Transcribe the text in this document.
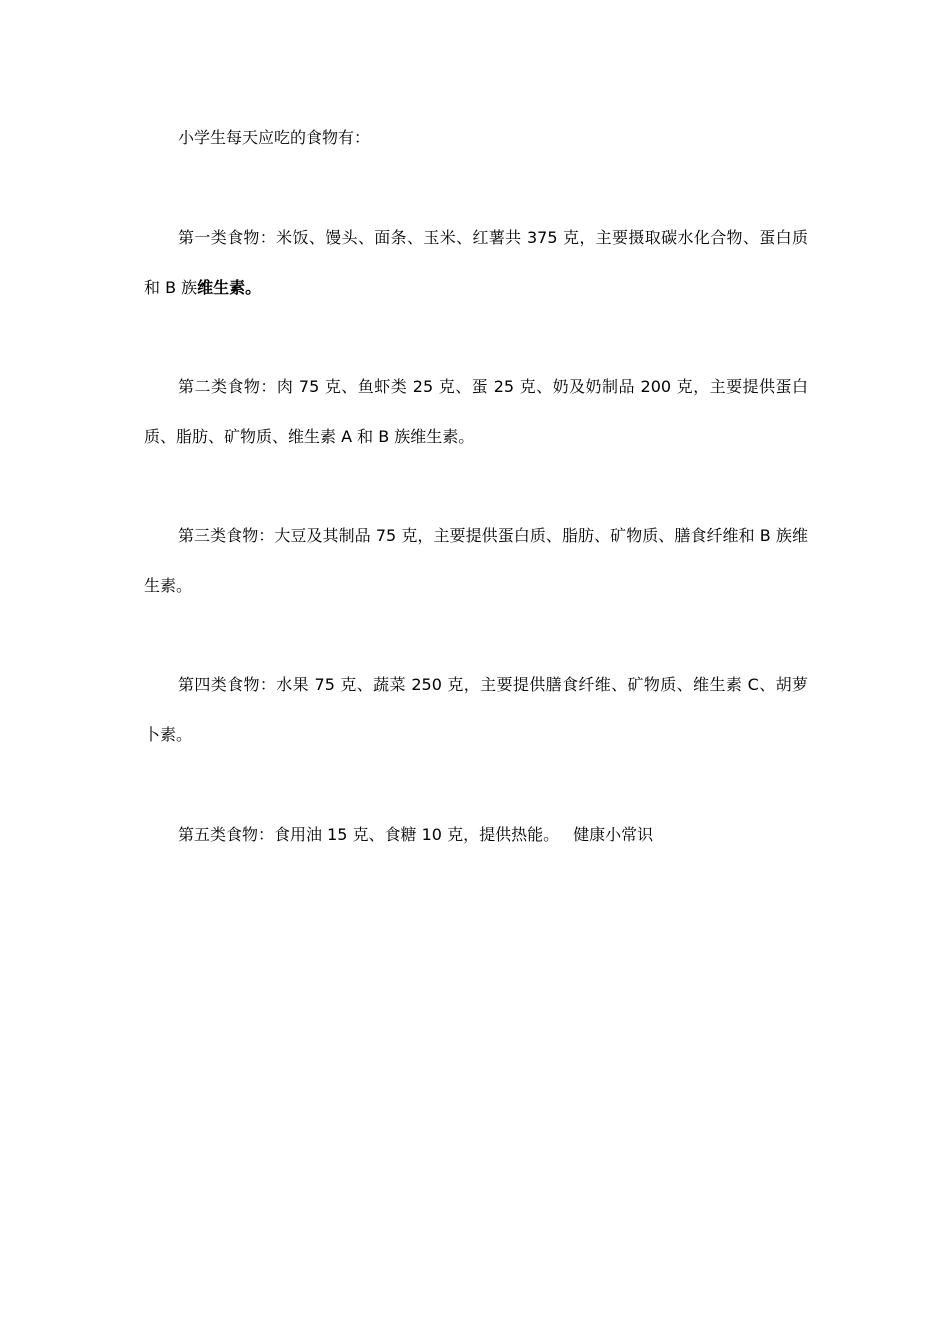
小学生每天应吃的食物有：

第一类食物：米饭、馒头、面条、玉米、红薯共 375 克，主要摄取碳水化合物、蛋白质和 B 族维生素。

第二类食物：肉 75 克、鱼虾类 25 克、蛋 25 克、奶及奶制品 200 克，主要提供蛋白质、脂肪、矿物质、维生素 A 和 B 族维生素。

第三类食物：大豆及其制品 75 克，主要提供蛋白质、脂肪、矿物质、膳食纤维和 B 族维生素。

第四类食物：水果 75 克、蔬菜 250 克，主要提供膳食纤维、矿物质、维生素 C、胡萝卜素。

第五类食物：食用油 15 克、食糖 10 克，提供热能。 健康小常识
